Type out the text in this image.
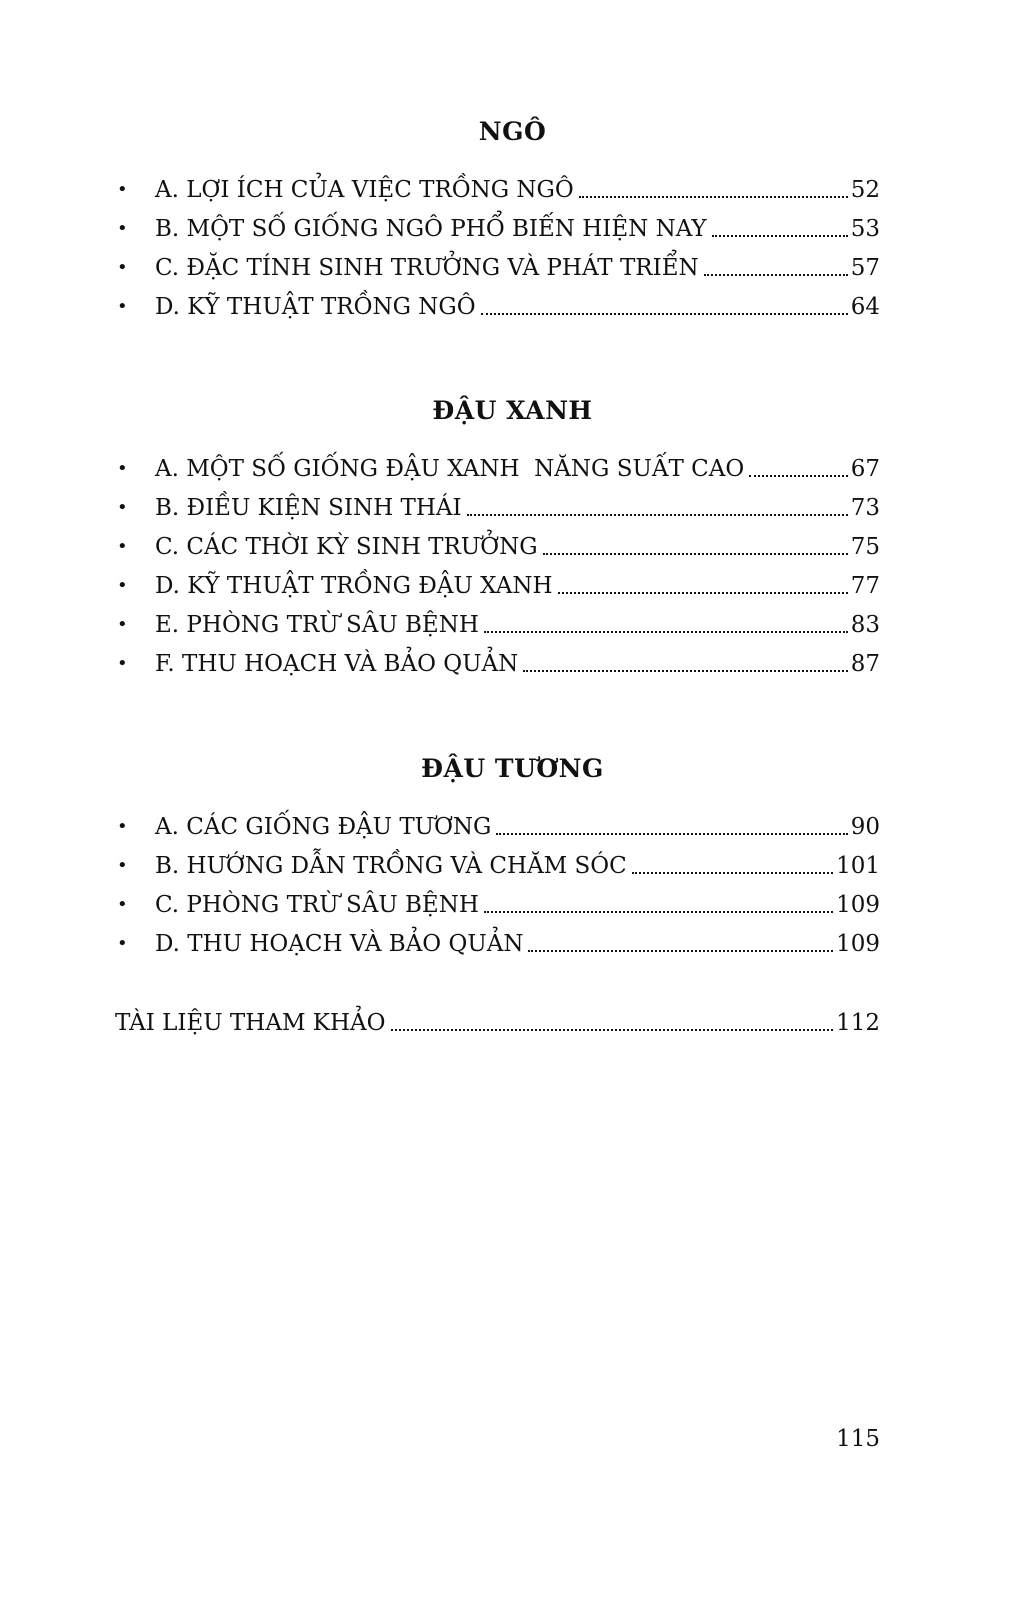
NGÔ
•	A. LỢI ÍCH CỦA VIỆC TRỒNG NGÔ	52
•	B. MỘT SỐ GIỐNG NGÔ PHỔ BIẾN HIỆN NAY	53
•	C. ĐẶC TÍNH SINH TRƯỞNG VÀ PHÁT TRIỂN	57
•	D. KỸ THUẬT TRỒNG NGÔ	64
ĐẬU XANH
•	A. MỘT SỐ GIỐNG ĐẬU XANH  NĂNG SUẤT CAO	67
•	B. ĐIỀU KIỆN SINH THÁI	73
•	C. CÁC THỜI KỲ SINH TRƯỞNG	75
•	D. KỸ THUẬT TRỒNG ĐẬU XANH	77
•	E. PHÒNG TRỪ SÂU BỆNH	83
•	F. THU HOẠCH VÀ BẢO QUẢN	87
ĐẬU TƯƠNG
•	A. CÁC GIỐNG ĐẬU TƯƠNG	90
•	B. HƯỚNG DẪN TRỒNG VÀ CHĂM SÓC	101
•	C. PHÒNG TRỪ SÂU BỆNH	109
•	D. THU HOẠCH VÀ BẢO QUẢN	109
TÀI LIỆU THAM KHẢO	112
115
